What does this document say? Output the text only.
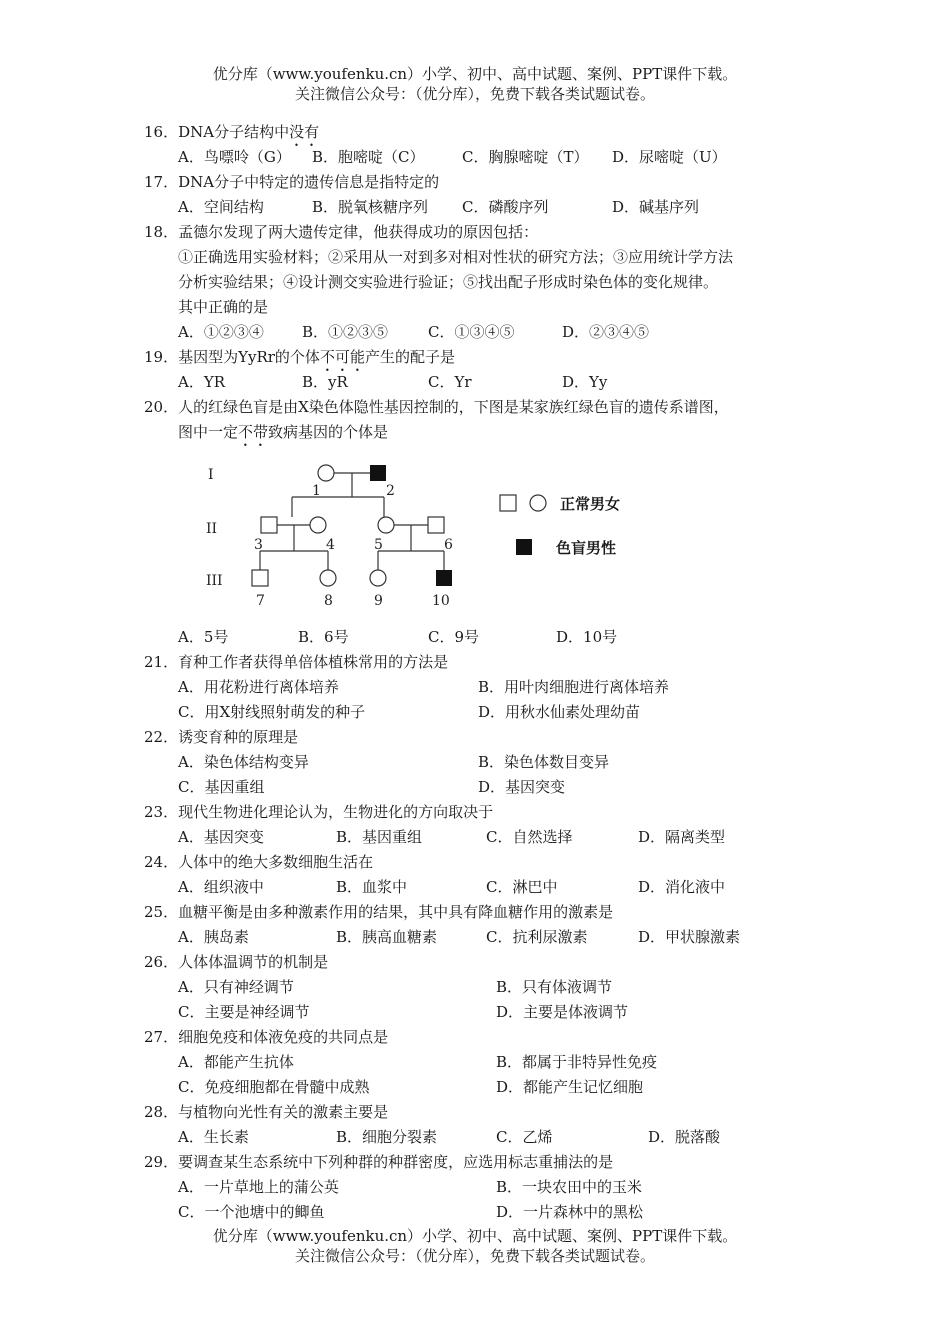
优分库（www.youfenku.cn）小学、初中、高中试题、案例、PPT课件下载。
关注微信公众号：（优分库），免费下载各类试题试卷。
16．DNA分子结构中没有
A．鸟嘌呤（G） B．胞嘧啶（C） C．胸腺嘧啶（T） D．尿嘧啶（U）
17．DNA分子中特定的遗传信息是指特定的
A．空间结构	B．脱氧核糖序列 C．磷酸序列	D．碱基序列
18．孟德尔发现了两大遗传定律，他获得成功的原因包括：
①正确选用实验材料；②采用从一对到多对相对性状的研究方法；③应用统计学方法
分析实验结果；④设计测交实验进行验证；⑤找出配子形成时染色体的变化规律。
其中正确的是
A．①②③④	B．①②③⑤	C．①③④⑤	D．②③④⑤
19．基因型为YyRr的个体不可能产生的配子是
A．YR	B．yR	C．Yr	D．Yy
20．人的红绿色盲是由X染色体隐性基因控制的，下图是某家族红绿色盲的遗传系谱图，
图中一定不带致病基因的个体是
I
II
III
1	2
3	4	5	6
7	8	9	10
正常男女
色盲男性
A．5号	B．6号	C．9号	D．10号
21．育种工作者获得单倍体植株常用的方法是
A．用花粉进行离体培养	B．用叶肉细胞进行离体培养
C．用X射线照射萌发的种子	D．用秋水仙素处理幼苗
22．诱变育种的原理是
A．染色体结构变异	B．染色体数目变异
C．基因重组	D．基因突变
23．现代生物进化理论认为，生物进化的方向取决于
A．基因突变	B．基因重组	C．自然选择	D．隔离类型
24．人体中的绝大多数细胞生活在
A．组织液中	B．血浆中	C．淋巴中	D．消化液中
25．血糖平衡是由多种激素作用的结果，其中具有降血糖作用的激素是
A．胰岛素	B．胰高血糖素	C．抗利尿激素	D．甲状腺激素
26．人体体温调节的机制是
A．只有神经调节	B．只有体液调节
C．主要是神经调节	D．主要是体液调节
27．细胞免疫和体液免疫的共同点是
A．都能产生抗体	B．都属于非特异性免疫
C．免疫细胞都在骨髓中成熟	D．都能产生记忆细胞
28．与植物向光性有关的激素主要是
A．生长素	B．细胞分裂素	C．乙烯	D．脱落酸
29．要调查某生态系统中下列种群的种群密度，应选用标志重捕法的是
A．一片草地上的蒲公英	B．一块农田中的玉米
C．一个池塘中的鲫鱼	D．一片森林中的黑松
优分库（www.youfenku.cn）小学、初中、高中试题、案例、PPT课件下载。
关注微信公众号：（优分库），免费下载各类试题试卷。
